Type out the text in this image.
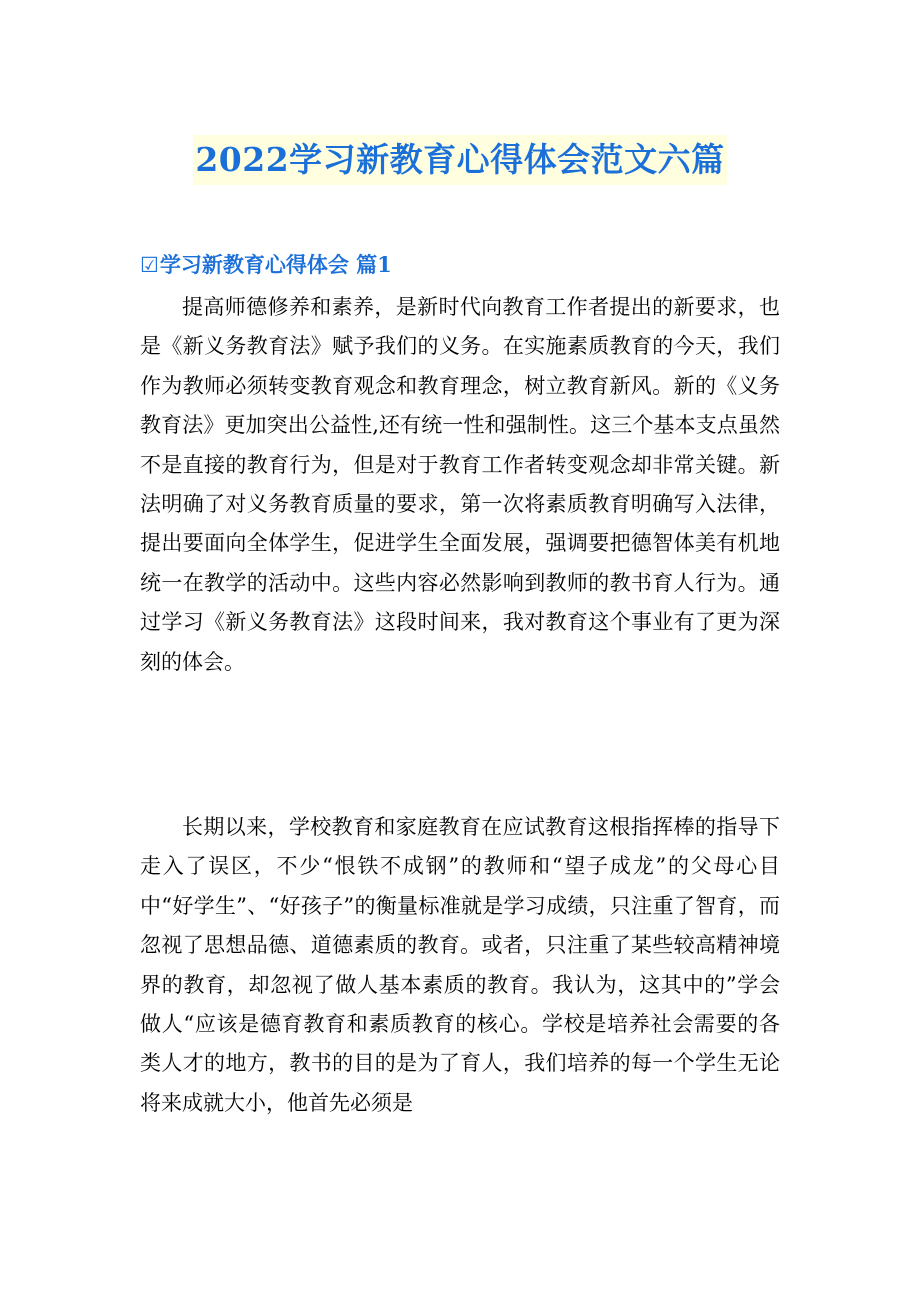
2022学习新教育心得体会范文六篇
☑学习新教育心得体会 篇1

提高师德修养和素养，是新时代向教育工作者提出的新要求，也是《新义务教育法》赋予我们的义务。在实施素质教育的今天，我们作为教师必须转变教育观念和教育理念，树立教育新风。新的《义务教育法》更加突出公益性,还有统一性和强制性。这三个基本支点虽然不是直接的教育行为，但是对于教育工作者转变观念却非常关键。新法明确了对义务教育质量的要求，第一次将素质教育明确写入法律，提出要面向全体学生，促进学生全面发展，强调要把德智体美有机地统一在教学的活动中。这些内容必然影响到教师的教书育人行为。通过学习《新义务教育法》这段时间来，我对教育这个事业有了更为深刻的体会。

长期以来，学校教育和家庭教育在应试教育这根指挥棒的指导下走入了误区，不少“恨铁不成钢”的教师和“望子成龙”的父母心目中“好学生”、“好孩子”的衡量标准就是学习成绩，只注重了智育，而忽视了思想品德、道德素质的教育。或者，只注重了某些较高精神境界的教育，却忽视了做人基本素质的教育。我认为，这其中的”学会做人“应该是德育教育和素质教育的核心。学校是培养社会需要的各类人才的地方，教书的目的是为了育人，我们培养的每一个学生无论将来成就大小，他首先必须是
